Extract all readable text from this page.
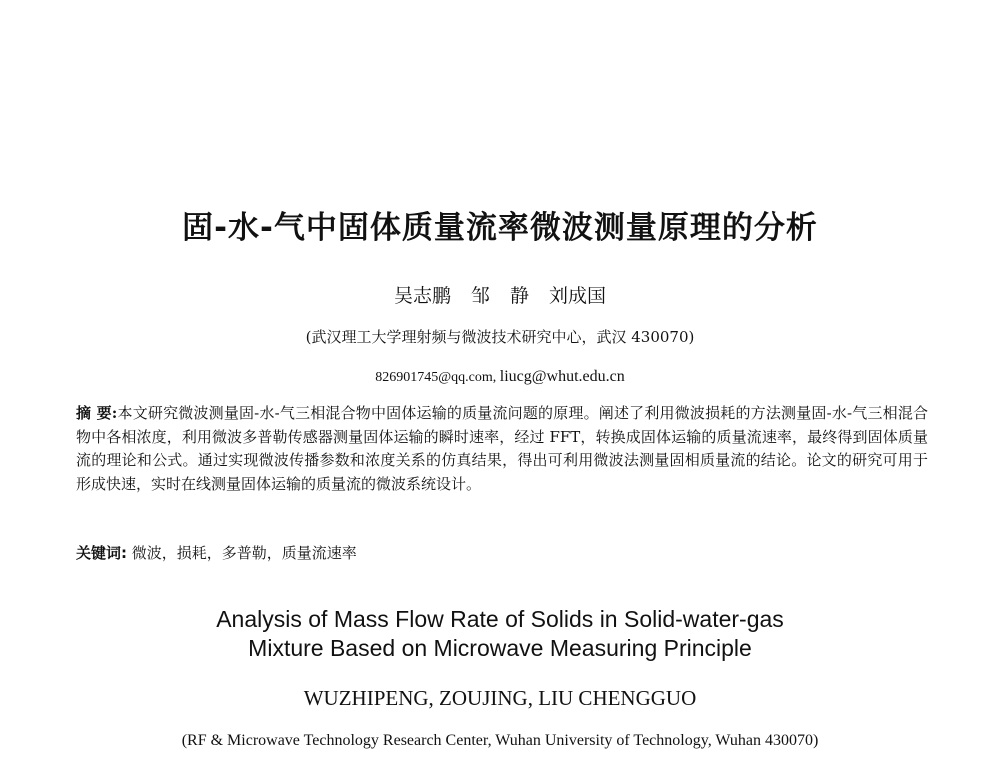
固-水-气中固体质量流率微波测量原理的分析
吴志鹏 邹 静 刘成国
(武汉理工大学理射频与微波技术研究中心，武汉 430070)
826901745@qq.com, liucg@whut.edu.cn
摘 要:本文研究微波测量固-水-气三相混合物中固体运输的质量流问题的原理。阐述了利用微波损耗的方法测量固-水-气三相混合物中各相浓度，利用微波多普勒传感器测量固体运输的瞬时速率，经过 FFT，转换成固体运输的质量流速率，最终得到固体质量流的理论和公式。通过实现微波传播参数和浓度关系的仿真结果，得出可利用微波法测量固相质量流的结论。论文的研究可用于形成快速，实时在线测量固体运输的质量流的微波系统设计。
关键词: 微波，损耗，多普勒，质量流速率
Analysis of Mass Flow Rate of Solids in Solid-water-gas
Mixture Based on Microwave Measuring Principle
WUZHIPENG, ZOUJING, LIU CHENGGUO
(RF & Microwave Technology Research Center, Wuhan University of Technology, Wuhan 430070)
